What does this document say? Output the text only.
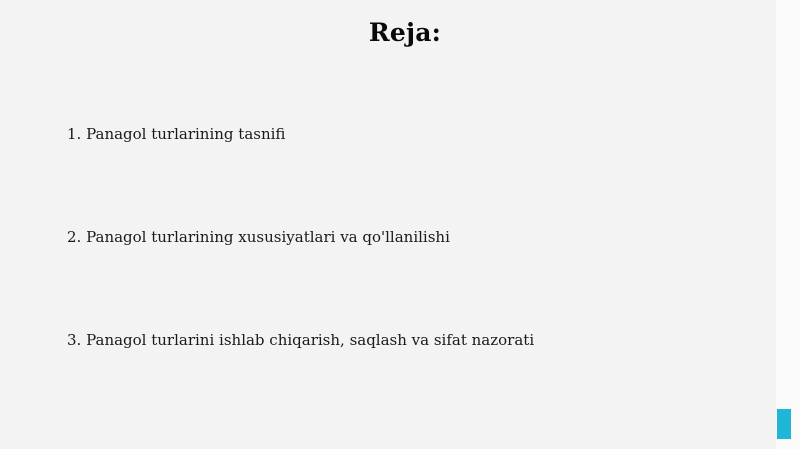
Reja:
1. Panagol turlarining tasnifi
2. Panagol turlarining xususiyatlari va qo'llanilishi
3. Panagol turlarini ishlab chiqarish, saqlash va sifat nazorati
